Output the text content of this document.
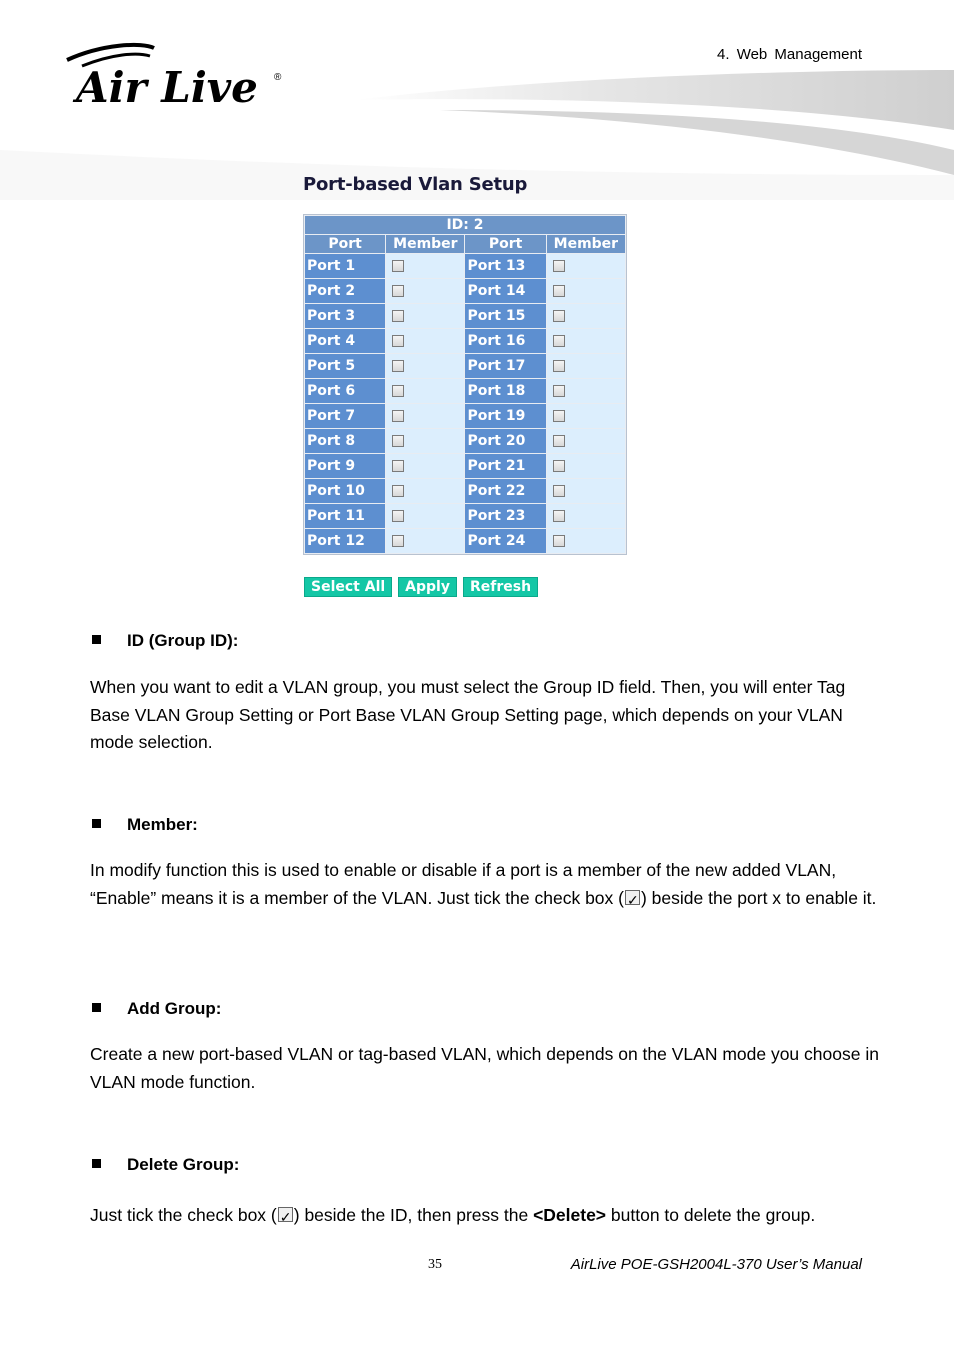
Air Live ®
4. Web Management
Port-based Vlan Setup
ID: 2			
Port	Member	Port	Member
Port 1		Port 13	
Port 2		Port 14	
Port 3		Port 15	
Port 4		Port 16	
Port 5		Port 17	
Port 6		Port 18	
Port 7		Port 19	
Port 8		Port 20	
Port 9		Port 21	
Port 10		Port 22	
Port 11		Port 23	
Port 12		Port 24	
Select All	Apply	Refresh
ID (Group ID):
When you want to edit a VLAN group, you must select the Group ID field. Then, you will enter Tag Base VLAN Group Setting or Port Base VLAN Group Setting page, which depends on your VLAN mode selection.
Member:
In modify function this is used to enable or disable if a port is a member of the new added VLAN, “Enable” means it is a member of the VLAN. Just tick the check box ( ✓ ) beside the port x to enable it.
Add Group:
Create a new port-based VLAN or tag-based VLAN, which depends on the VLAN mode you choose in VLAN mode function.
Delete Group:
Just tick the check box ( ✓ ) beside the ID, then press the <Delete> button to delete the group.
35	AirLive POE-GSH2004L-370 User’s Manual
